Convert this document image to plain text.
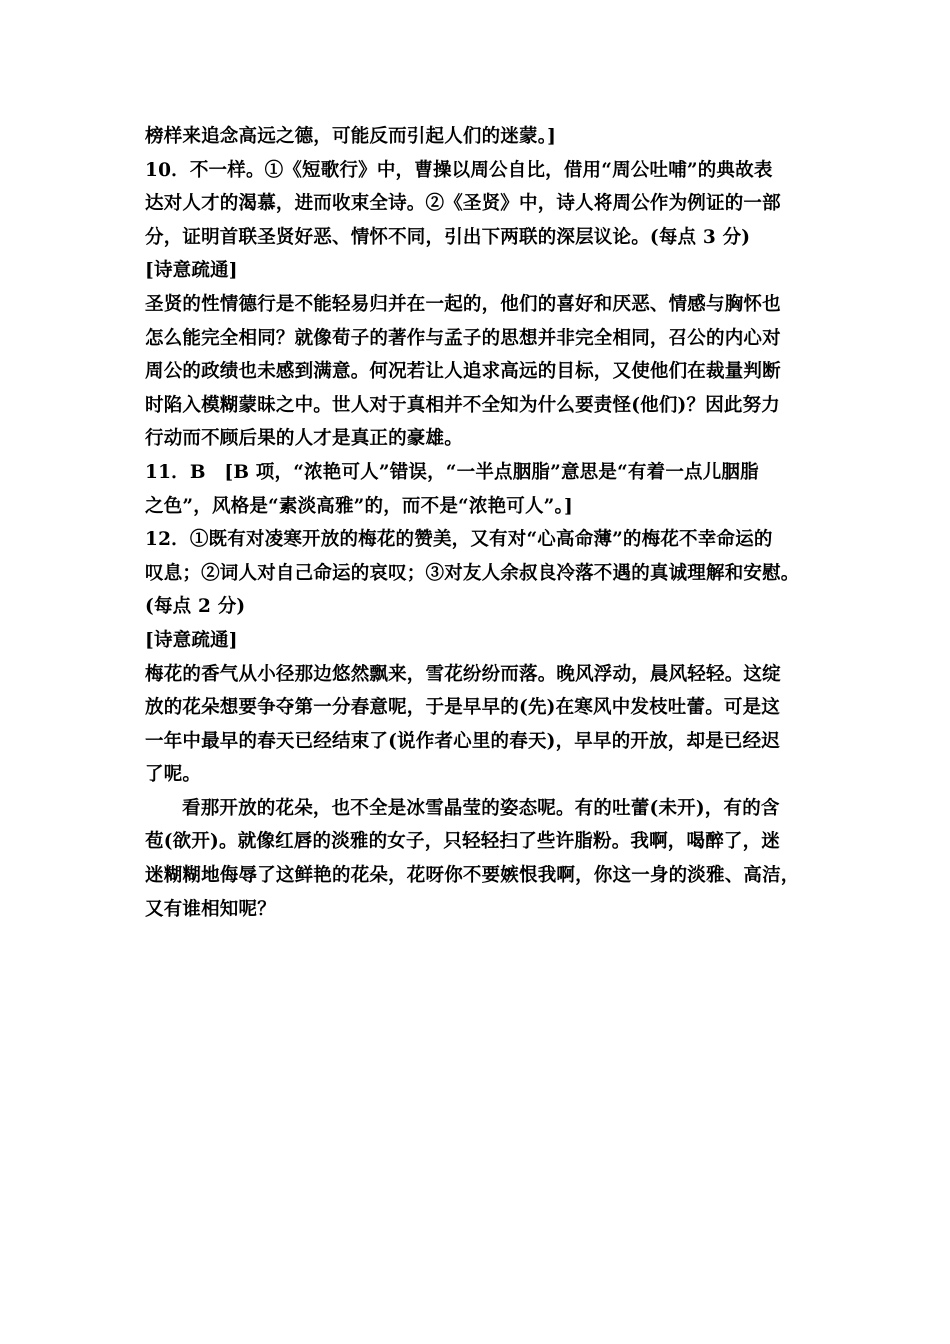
榜样来追念高远之德，可能反而引起人们的迷蒙。]
10．不一样。①《短歌行》中，曹操以周公自比，借用“周公吐哺”的典故表
达对人才的渴慕，进而收束全诗。②《圣贤》中，诗人将周公作为例证的一部
分，证明首联圣贤好恶、情怀不同，引出下两联的深层议论。(每点 3 分)
[诗意疏通]
圣贤的性情德行是不能轻易归并在一起的，他们的喜好和厌恶、情感与胸怀也
怎么能完全相同？就像荀子的著作与孟子的思想并非完全相同，召公的内心对
周公的政绩也未感到满意。何况若让人追求高远的目标，又使他们在裁量判断
时陷入模糊蒙昧之中。世人对于真相并不全知为什么要责怪(他们)？因此努力
行动而不顾后果的人才是真正的豪雄。
11．B　[B 项，“浓艳可人”错误，“一半点胭脂”意思是“有着一点儿胭脂
之色”，风格是“素淡高雅”的，而不是“浓艳可人”。]
12．①既有对凌寒开放的梅花的赞美，又有对“心高命薄”的梅花不幸命运的
叹息；②词人对自己命运的哀叹；③对友人余叔良冷落不遇的真诚理解和安慰。
(每点 2 分)
[诗意疏通]
梅花的香气从小径那边悠然飘来，雪花纷纷而落。晚风浮动，晨风轻轻。这绽
放的花朵想要争夺第一分春意呢，于是早早的(先)在寒风中发枝吐蕾。可是这
一年中最早的春天已经结束了(说作者心里的春天)，早早的开放，却是已经迟
了呢。
看那开放的花朵，也不全是冰雪晶莹的姿态呢。有的吐蕾(未开)，有的含
苞(欲开)。就像红唇的淡雅的女子，只轻轻扫了些许脂粉。我啊，喝醉了，迷
迷糊糊地侮辱了这鲜艳的花朵，花呀你不要嫉恨我啊，你这一身的淡雅、高洁，
又有谁相知呢？
